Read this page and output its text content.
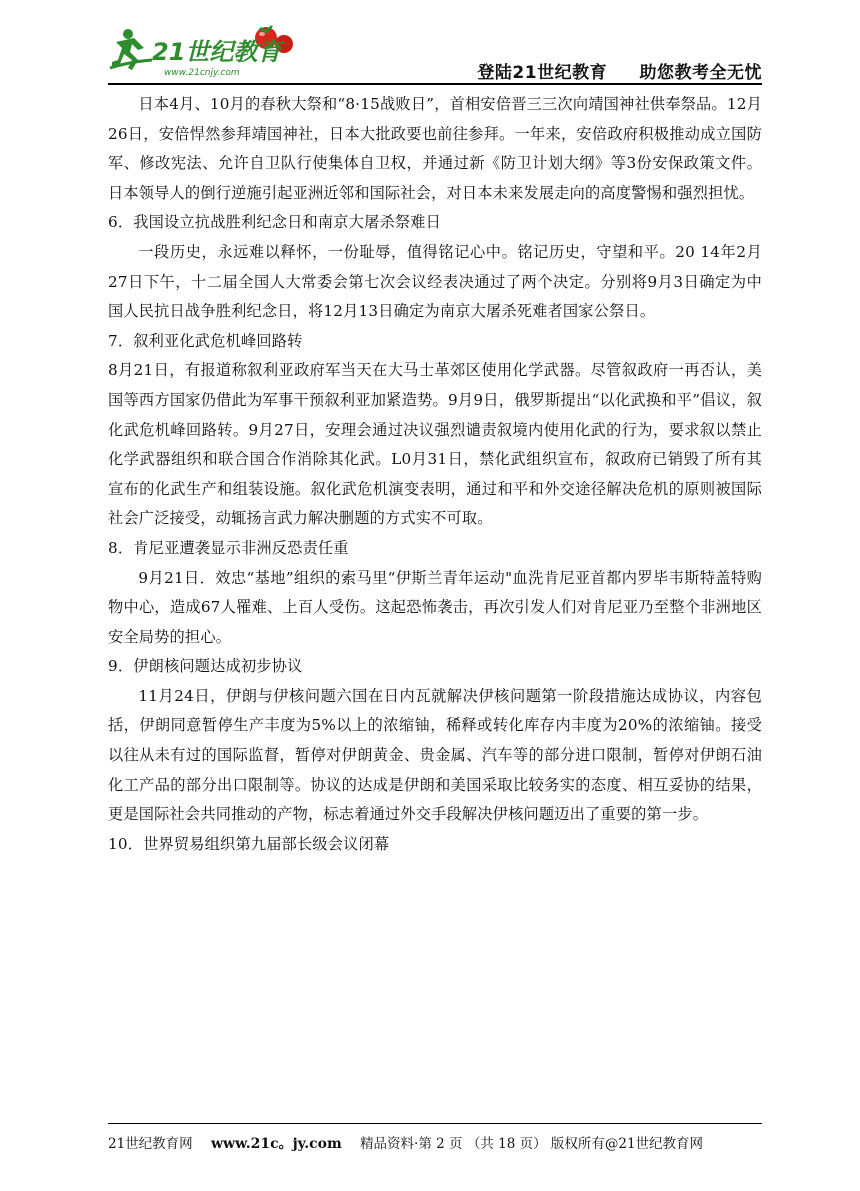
21世纪教育
www.21cnjy.com	登陆21世纪教育 助您教考全无忧

日本4月、10月的春秋大祭和“8·15战败日”，首相安倍晋三三次向靖国神社供奉祭品。12月26日，安倍悍然参拜靖国神社，日本大批政要也前往参拜。一年来，安倍政府积极推动成立国防军、修改宪法、允许自卫队行使集体自卫权，并通过新《防卫计划大纲》等3份安保政策文件。日本领导人的倒行逆施引起亚洲近邻和国际社会，对日本未来发展走向的高度警惕和强烈担忧。

6．我国设立抗战胜利纪念日和南京大屠杀祭难日

一段历史，永远难以释怀，一份耻辱，值得铭记心中。铭记历史，守望和平。20 14年2月27日下午，十二届全国人大常委会第七次会议经表决通过了两个决定。分别将9月3日确定为中国人民抗日战争胜利纪念日，将12月13日确定为南京大屠杀死难者国家公祭日。

7．叙利亚化武危机峰回路转

8月21日，有报道称叙利亚政府军当天在大马士革郊区使用化学武器。尽管叙政府一再否认，美国等西方国家仍借此为军事干预叙利亚加紧造势。9月9日，俄罗斯提出“以化武换和平”倡议，叙化武危机峰回路转。9月27日，安理会通过决议强烈谴责叙境内使用化武的行为，要求叙以禁止化学武器组织和联合国合作消除其化武。L0月31日，禁化武组织宣布，叙政府已销毁了所有其宣布的化武生产和组装设施。叙化武危机演变表明，通过和平和外交途径解决危机的原则被国际社会广泛接受，动辄扬言武力解决删题的方式实不可取。

8．肯尼亚遭袭显示非洲反恐责任重

9月21日．效忠“基地”组织的索马里“伊斯兰青年运动"血洗肯尼亚首都内罗毕韦斯特盖特购物中心，造成67人罹难、上百人受伤。这起恐怖袭击，再次引发人们对肯尼亚乃至整个非洲地区安全局势的担心。

9．伊朗核问题达成初步协议

11月24日，伊朗与伊核问题六国在日内瓦就解决伊核问题第一阶段措施达成协议，内容包括，伊朗同意暂停生产丰度为5%以上的浓缩铀，稀释或转化库存内丰度为20%的浓缩铀。接受以往从未有过的国际监督，暂停对伊朗黄金、贵金属、汽车等的部分进口限制，暂停对伊朗石油化工产品的部分出口限制等。协议的达成是伊朗和美国采取比较务实的态度、相互妥协的结果，更是国际社会共同推动的产物，标志着通过外交手段解决伊核问题迈出了重要的第一步。

10．世界贸易组织第九届部长级会议闭幕

21世纪教育网 www.21c。jy.com 精品资料·第 2 页 （共 18 页） 版权所有@21世纪教育网
